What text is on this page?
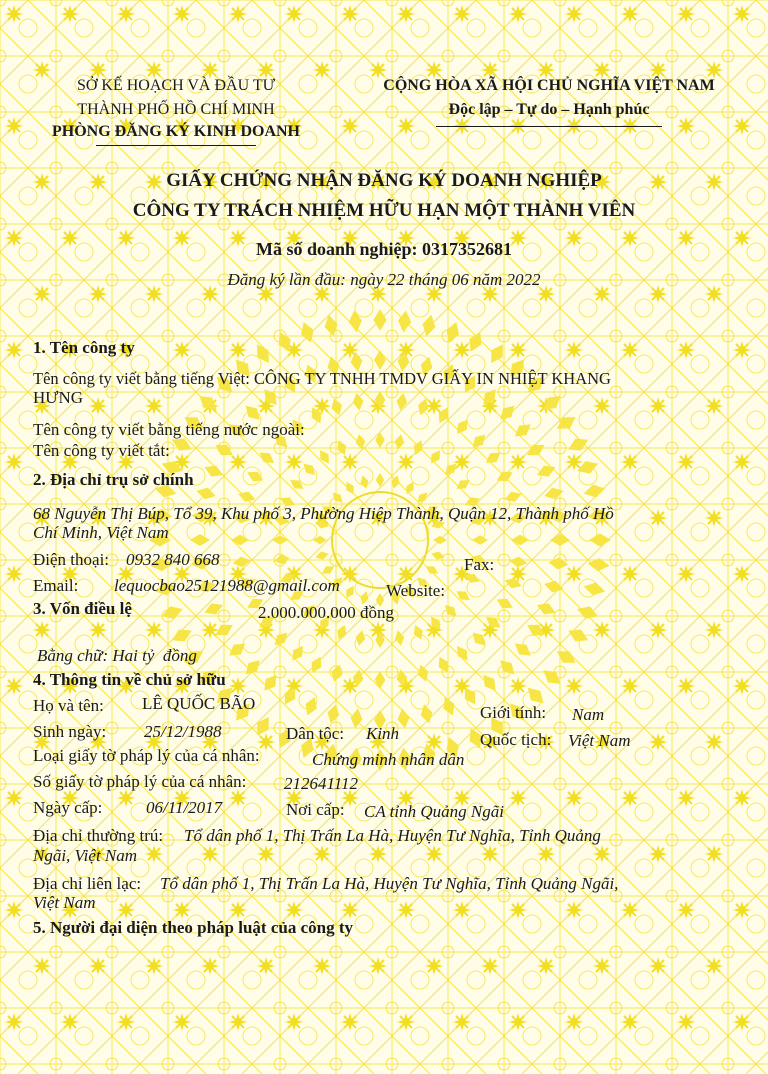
SỞ KẾ HOẠCH VÀ ĐẦU TƯ
THÀNH PHỐ HỒ CHÍ MINH
PHÒNG ĐĂNG KÝ KINH DOANH
CỘNG HÒA XÃ HỘI CHỦ NGHĨA VIỆT NAM
Độc lập – Tự do – Hạnh phúc
GIẤY CHỨNG NHẬN ĐĂNG KÝ DOANH NGHIỆP
CÔNG TY TRÁCH NHIỆM HỮU HẠN MỘT THÀNH VIÊN
Mã số doanh nghiệp: 0317352681
Đăng ký lần đầu: ngày 22 tháng 06 năm 2022
1. Tên công ty
Tên công ty viết bằng tiếng Việt: CÔNG TY TNHH TMDV GIẤY IN NHIỆT KHANG
HƯNG
Tên công ty viết bằng tiếng nước ngoài:
Tên công ty viết tắt:
2. Địa chỉ trụ sở chính
68 Nguyễn Thị Búp, Tổ 39, Khu phố 3, Phường Hiệp Thành, Quận 12, Thành phố Hồ
Chí Minh, Việt Nam
Điện thoại: 0932 840 668	Fax:
Email: lequocbao25121988@gmail.com	Website:
3. Vốn điều lệ	2.000.000.000 đồng
Bằng chữ: Hai tỷ  đồng
4. Thông tin về chủ sở hữu
Họ và tên: LÊ QUỐC BÃO	Giới tính: Nam
Sinh ngày: 25/12/1988	Dân tộc: Kinh	Quốc tịch: Việt Nam
Loại giấy tờ pháp lý của cá nhân:	Chứng minh nhân dân
Số giấy tờ pháp lý của cá nhân: 212641112
Ngày cấp:	06/11/2017	Nơi cấp: CA tỉnh Quảng Ngãi
Địa chỉ thường trú: Tổ dân phố 1, Thị Trấn La Hà, Huyện Tư Nghĩa, Tỉnh Quảng
Ngãi, Việt Nam
Địa chỉ liên lạc: Tổ dân phố 1, Thị Trấn La Hà, Huyện Tư Nghĩa, Tỉnh Quảng Ngãi,
Việt Nam
5. Người đại diện theo pháp luật của công ty
